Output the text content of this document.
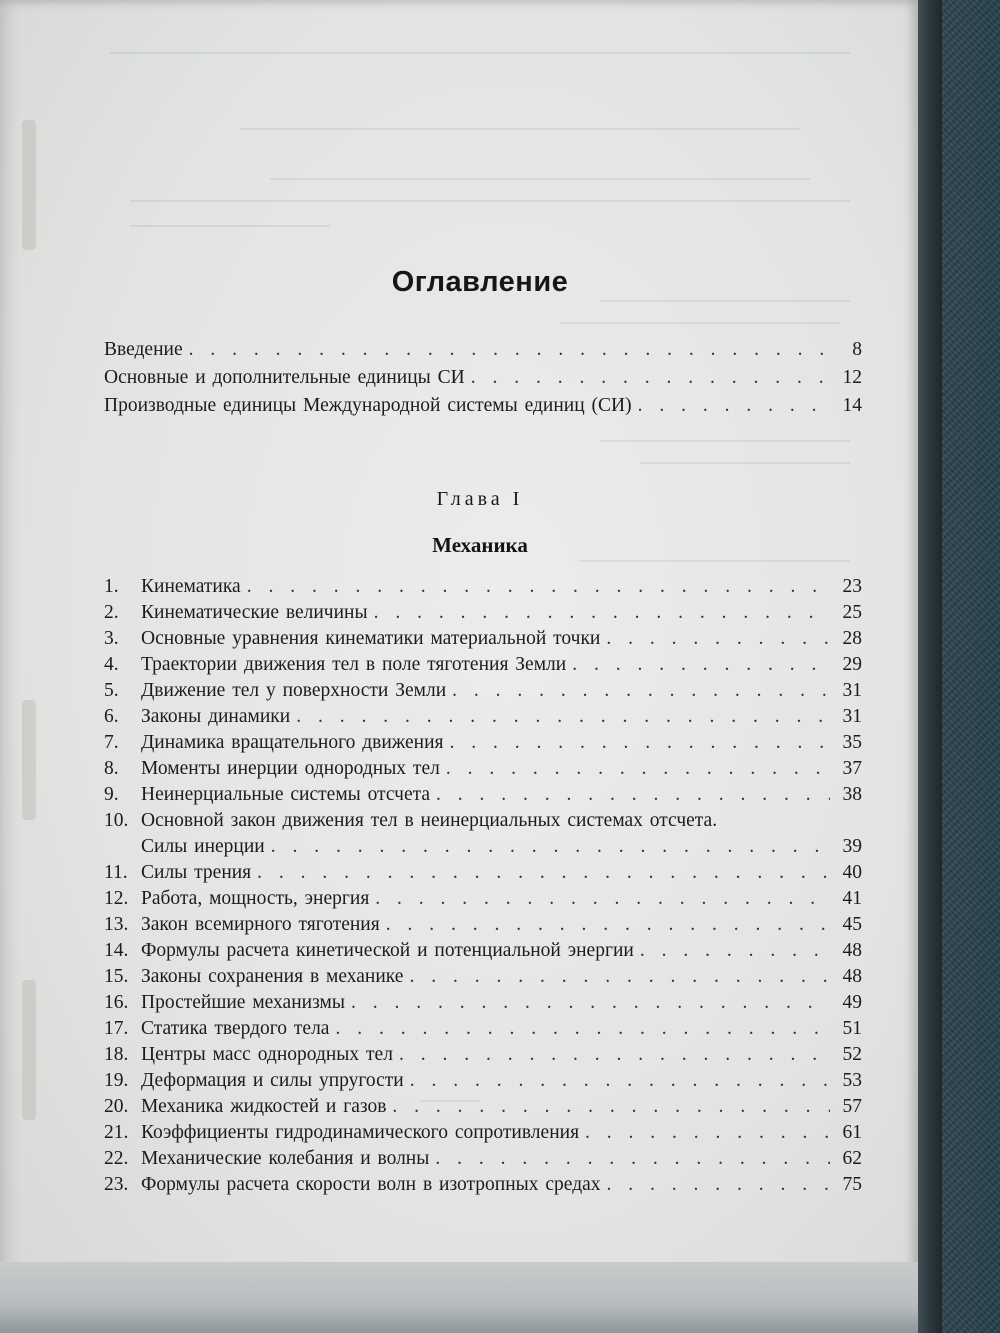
Оглавление
Введение . . .	8
Основные и дополнительные единицы СИ . . .	12
Производные единицы Международной системы единиц (СИ) . . .	14
Глава I
Механика
1.	Кинематика . . .	23
2.	Кинематические величины . . .	25
3.	Основные уравнения кинематики материальной точки . . .	28
4.	Траектории движения тел в поле тяготения Земли . . .	29
5.	Движение тел у поверхности Земли . . .	31
6.	Законы динамики . . .	31
7.	Динамика вращательного движения . . .	35
8.	Моменты инерции однородных тел . . .	37
9.	Неинерциальные системы отсчета . . .	38
10. Основной закон движения тел в неинерциальных системах отсчета.
Силы инерции . . .	39
11. Силы трения . . .	40
12. Работа, мощность, энергия . . .	41
13. Закон всемирного тяготения . . .	45
14. Формулы расчета кинетической и потенциальной энергии . . .	48
15. Законы сохранения в механике . . .	48
16. Простейшие механизмы . . .	49
17. Статика твердого тела . . .	51
18. Центры масс однородных тел . . .	52
19. Деформация и силы упругости . . .	53
20. Механика жидкостей и газов . . .	57
21. Коэффициенты гидродинамического сопротивления . . .	61
22. Механические колебания и волны . . .	62
23. Формулы расчета скорости волн в изотропных средах . . .	75
